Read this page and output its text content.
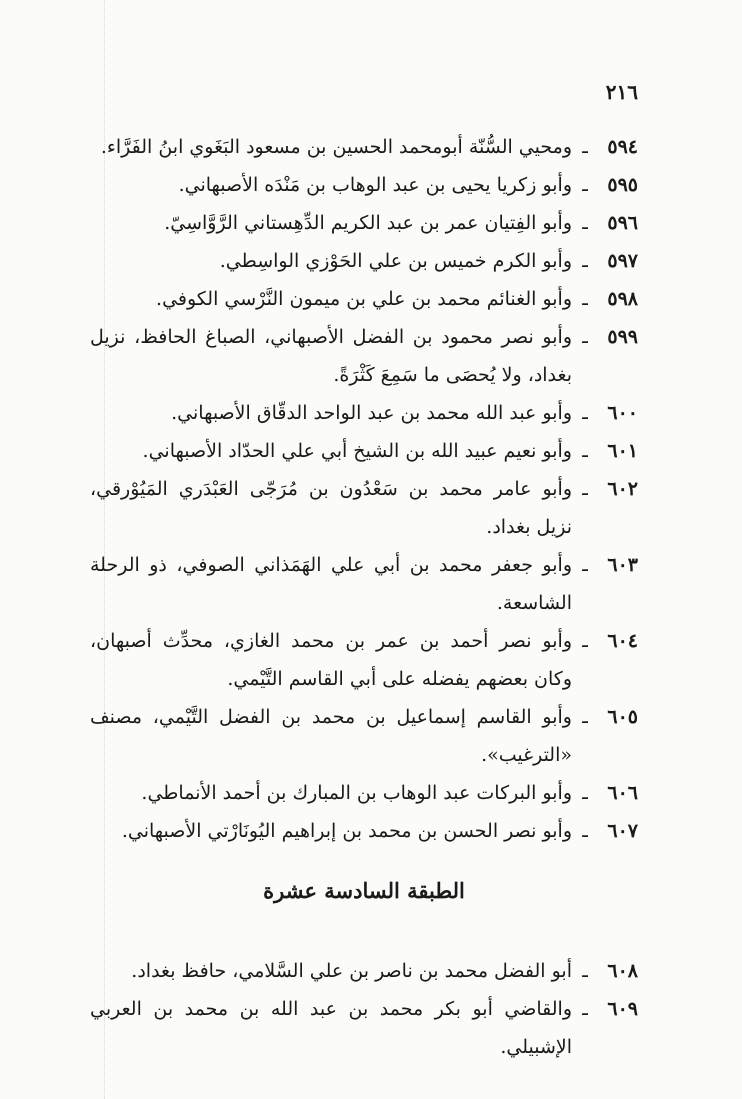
٢١٦
٥٩٤
ـ
ومحيي السُّنّة أبومحمد الحسين بن مسعود البَغَوي ابنُ الفَرَّاء.
٥٩٥
ـ
وأبو زكريا يحيى بن عبد الوهاب بن مَنْدَه الأصبهاني.
٥٩٦
ـ
وأبو الفِتيان عمر بن عبد الكريم الدِّهِستاني الرَّوَّاسِيّ.
٥٩٧
ـ
وأبو الكرم خميس بن علي الحَوْزي الواسِطي.
٥٩٨
ـ
وأبو الغنائم محمد بن علي بن ميمون النَّرْسي الكوفي.
٥٩٩
ـ
وأبو نصر محمود بن الفضل الأصبهاني، الصباغ الحافظ، نزيل بغداد، ولا يُحصَى ما سَمِعَ كَثْرَةً.
٦٠٠
ـ
وأبو عبد الله محمد بن عبد الواحد الدقّاق الأصبهاني.
٦٠١
ـ
وأبو نعيم عبيد الله بن الشيخ أبي علي الحدّاد الأصبهاني.
٦٠٢
ـ
وأبو عامر محمد بن سَعْدُون بن مُرَجّى العَبْدَري المَيُوْرقي، نزيل بغداد.
٦٠٣
ـ
وأبو جعفر محمد بن أبي علي الهَمَذاني الصوفي، ذو الرحلة الشاسعة.
٦٠٤
ـ
وأبو نصر أحمد بن عمر بن محمد الغازي، محدِّث أصبهان، وكان بعضهم يفضله على أبي القاسم التَّيْمي.
٦٠٥
ـ
وأبو القاسم إسماعيل بن محمد بن الفضل التَّيْمي، مصنف «الترغيب».
٦٠٦
ـ
وأبو البركات عبد الوهاب بن المبارك بن أحمد الأنماطي.
٦٠٧
ـ
وأبو نصر الحسن بن محمد بن إبراهيم اليُونَارْتي الأصبهاني.
الطبقة السادسة عشرة
٦٠٨
ـ
أبو الفضل محمد بن ناصر بن علي السَّلامي، حافظ بغداد.
٦٠٩
ـ
والقاضي أبو بكر محمد بن عبد الله بن محمد بن العربي الإشبيلي.
